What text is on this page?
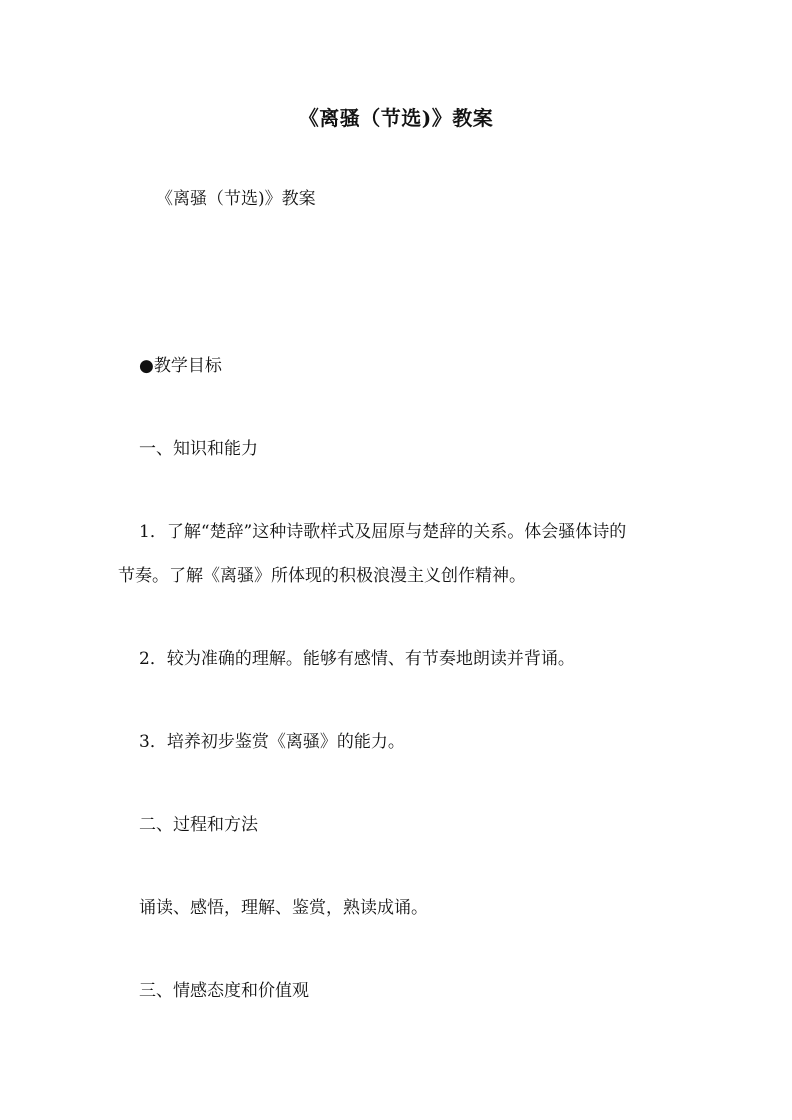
《离骚（节选)》教案
《离骚（节选)》教案
●教学目标
一、知识和能力
1．了解“楚辞”这种诗歌样式及屈原与楚辞的关系。体会骚体诗的
节奏。了解《离骚》所体现的积极浪漫主义创作精神。
2．较为准确的理解。能够有感情、有节奏地朗读并背诵。
3．培养初步鉴赏《离骚》的能力。
二、过程和方法
诵读、感悟，理解、鉴赏，熟读成诵。
三、情感态度和价值观
